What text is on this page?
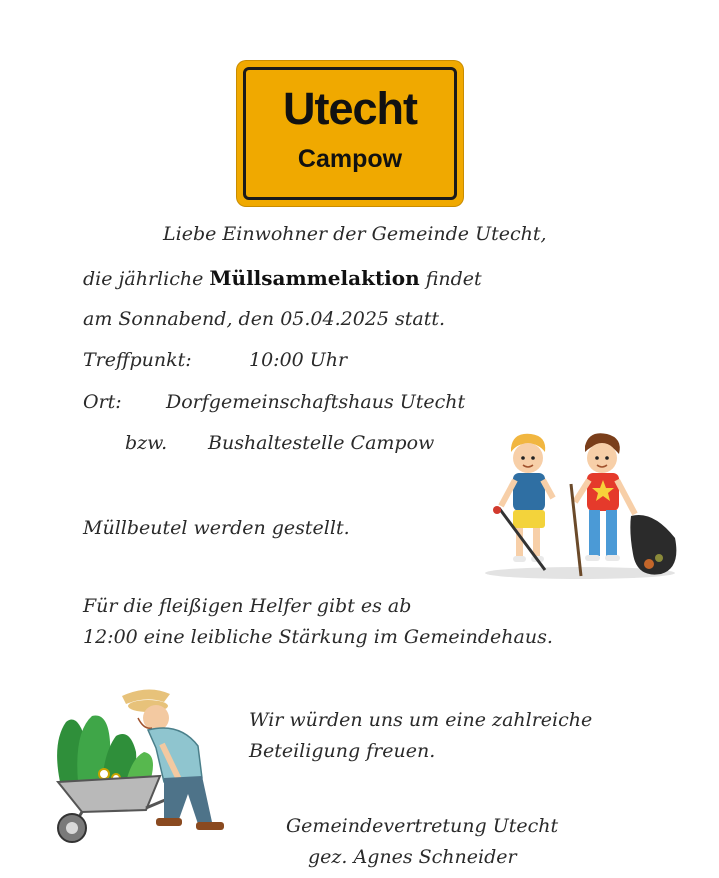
Utecht
Campow
Liebe Einwohner der Gemeinde Utecht,
die jährliche Müllsammelaktion findet
am Sonnabend, den 05.04.2025 statt.
Treffpunkt:	10:00 Uhr
Ort: Dorfgemeinschaftshaus Utecht
bzw. Bushaltestelle Campow
Müllbeutel werden gestellt.
Für die fleißigen Helfer gibt es ab
12:00 eine leibliche Stärkung im Gemeindehaus.
Wir würden uns um eine zahlreiche
Beteiligung freuen.
Gemeindevertretung Utecht
gez. Agnes Schneider
